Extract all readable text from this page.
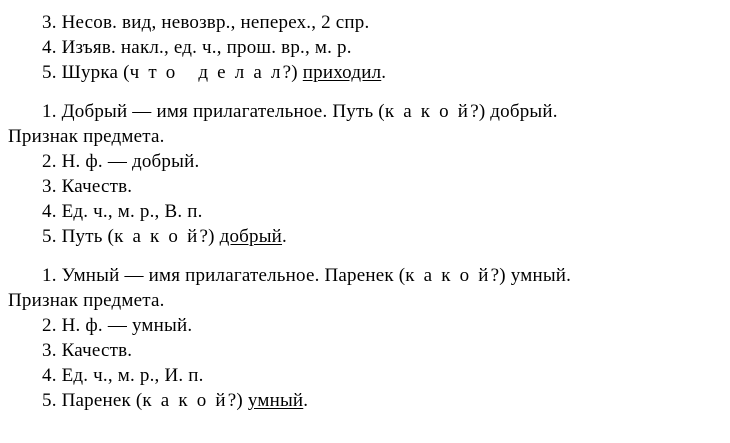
3. Несов. вид, невозвр., неперех., 2 спр.
4. Изъяв. накл., ед. ч., прош. вр., м. р.
5. Шурка (ч т о   д е л а л?) приходил.
1. Добрый — имя прилагательное. Путь (к а к о й?) добрый.
Признак предмета.
2. Н. ф. — добрый.
3. Качеств.
4. Ед. ч., м. р., В. п.
5. Путь (к а к о й?) добрый.
1. Умный — имя прилагательное. Паренек (к а к о й?) умный.
Признак предмета.
2. Н. ф. — умный.
3. Качеств.
4. Ед. ч., м. р., И. п.
5. Паренек (к а к о й?) умный.
